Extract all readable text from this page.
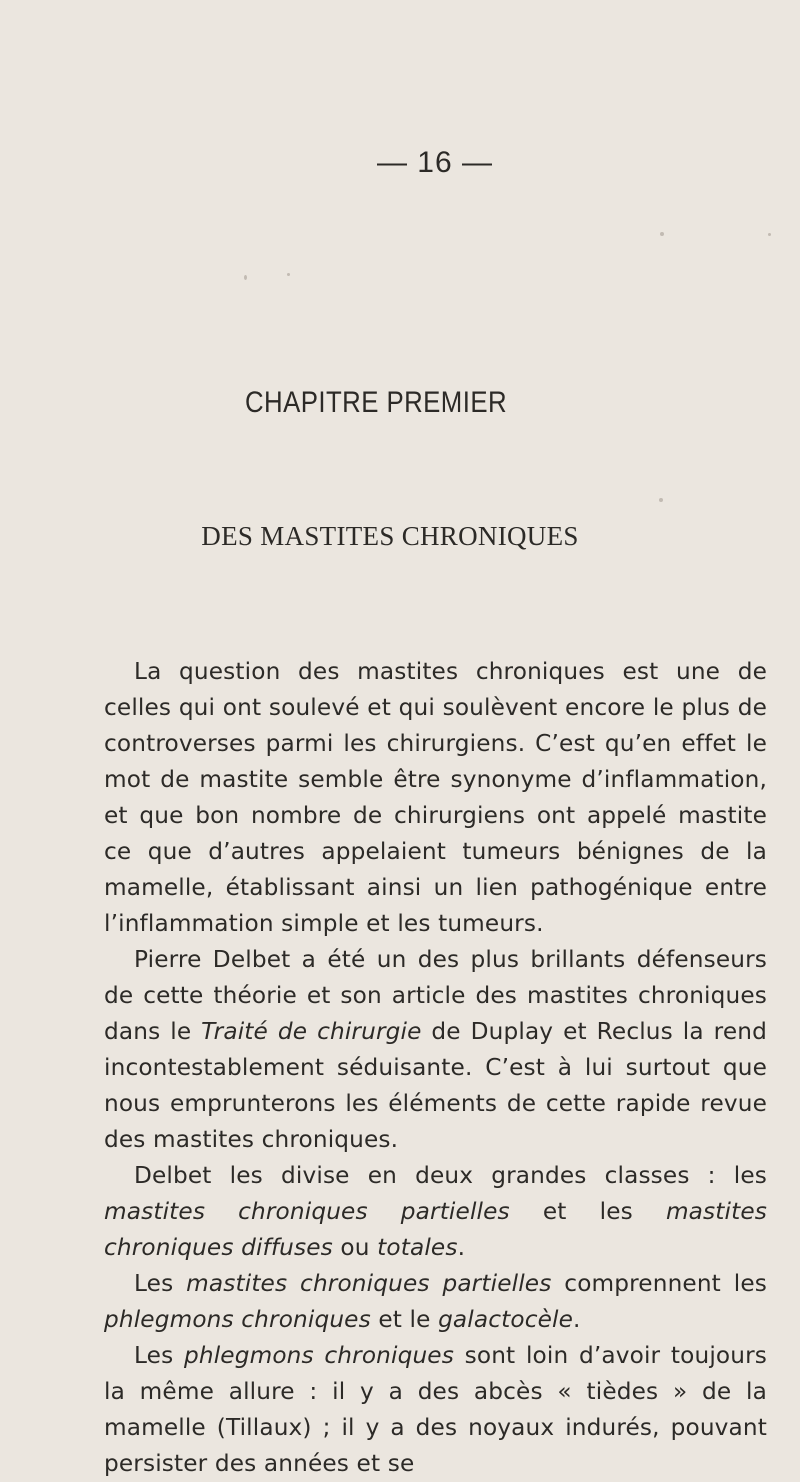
— 16 —
CHAPITRE PREMIER
DES MASTITES CHRONIQUES

La question des mastites chroniques est une de celles qui ont soulevé et qui soulèvent encore le plus de controverses parmi les chirurgiens. C’est qu’en effet le mot de mastite semble être synonyme d’inflammation, et que bon nombre de chirurgiens ont appelé mastite ce que d’autres appelaient tumeurs bénignes de la mamelle, établissant ainsi un lien pathogénique entre l’inflammation simple et les tumeurs.

Pierre Delbet a été un des plus brillants défenseurs de cette théorie et son article des mastites chroniques dans le Traité de chirurgie de Duplay et Reclus la rend incontestablement séduisante. C’est à lui surtout que nous emprunterons les éléments de cette rapide revue des mastites chroniques.

Delbet les divise en deux grandes classes : les mastites chroniques partielles et les mastites chroniques diffuses ou totales.

Les mastites chroniques partielles comprennent les phlegmons chroniques et le galactocèle.

Les phlegmons chroniques sont loin d’avoir toujours la même allure : il y a des abcès « tièdes » de la mamelle (Tillaux) ; il y a des noyaux indurés, pouvant persister des années et se
